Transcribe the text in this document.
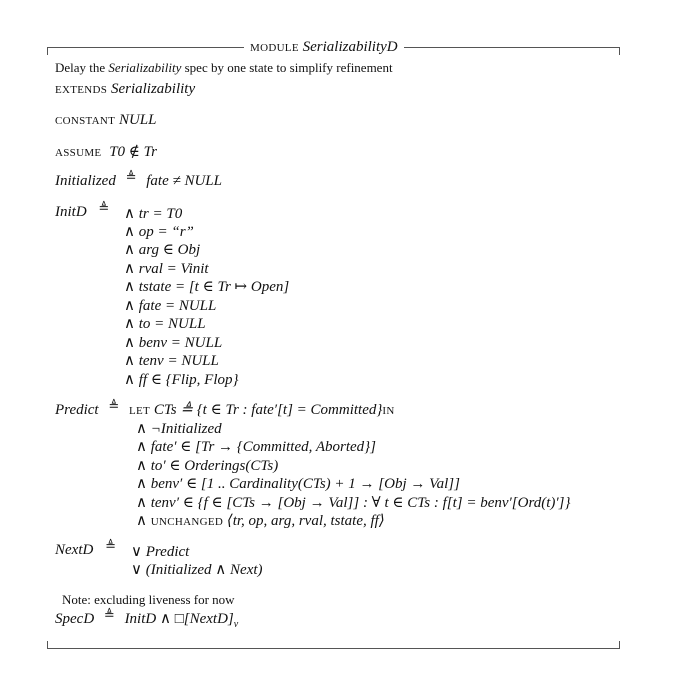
module SerializabilityD
Delay the Serializability spec by one state to simplify refinement
extends Serializability
constant NULL
assume T0 ∉ Tr
Initialized ≜ fate ≠ NULL
InitD ≜ ∧ tr = T0
∧ op = “r”
∧ arg ∈ Obj
∧ rval = Vinit
∧ tstate = [t ∈ Tr ↦ Open]
∧ fate = NULL
∧ to = NULL
∧ benv = NULL
∧ tenv = NULL
∧ ff ∈ {Flip, Flop}
Predict ≜ let CTs ≜ {t ∈ Tr : fate′[t] = Committed}in
∧ ¬Initialized
∧ fate′ ∈ [Tr → {Committed, Aborted}]
∧ to′ ∈ Orderings(CTs)
∧ benv′ ∈ [1 .. Cardinality(CTs) + 1 → [Obj → Val]]
∧ tenv′ ∈ {f ∈ [CTs → [Obj → Val]] : ∀ t ∈ CTs : f[t] = benv′[Ord(t)′]}
∧ unchanged ⟨tr, op, arg, rval, tstate, ff⟩
NextD ≜ ∨ Predict
∨ (Initialized ∧ Next)
Note: excluding liveness for now
SpecD ≜ InitD ∧ $□[NextD]_v$
